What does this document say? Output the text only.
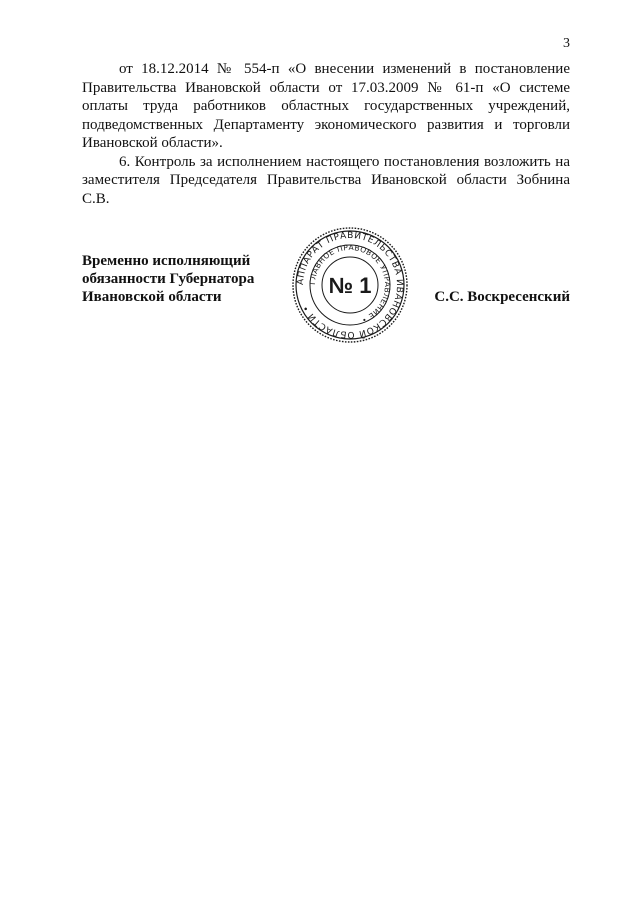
3

от 18.12.2014 № 554-п «О внесении изменений в постановление Правительства Ивановской области от 17.03.2009 № 61-п «О системе оплаты труда работников областных государственных учреждений, подведомственных Департаменту экономического развития и торговли Ивановской области».

6. Контроль за исполнением настоящего постановления возложить на заместителя Председателя Правительства Ивановской области Зобнина С.В.

Временно исполняющий
обязанности Губернатора
Ивановской области
АППАРАТ ПРАВИТЕЛЬСТВА ИВАНОВСКОЙ ОБЛАСТИ •
ГЛАВНОЕ ПРАВОВОЕ УПРАВЛЕНИЕ •
№ 1	С.С. Воскресенский
